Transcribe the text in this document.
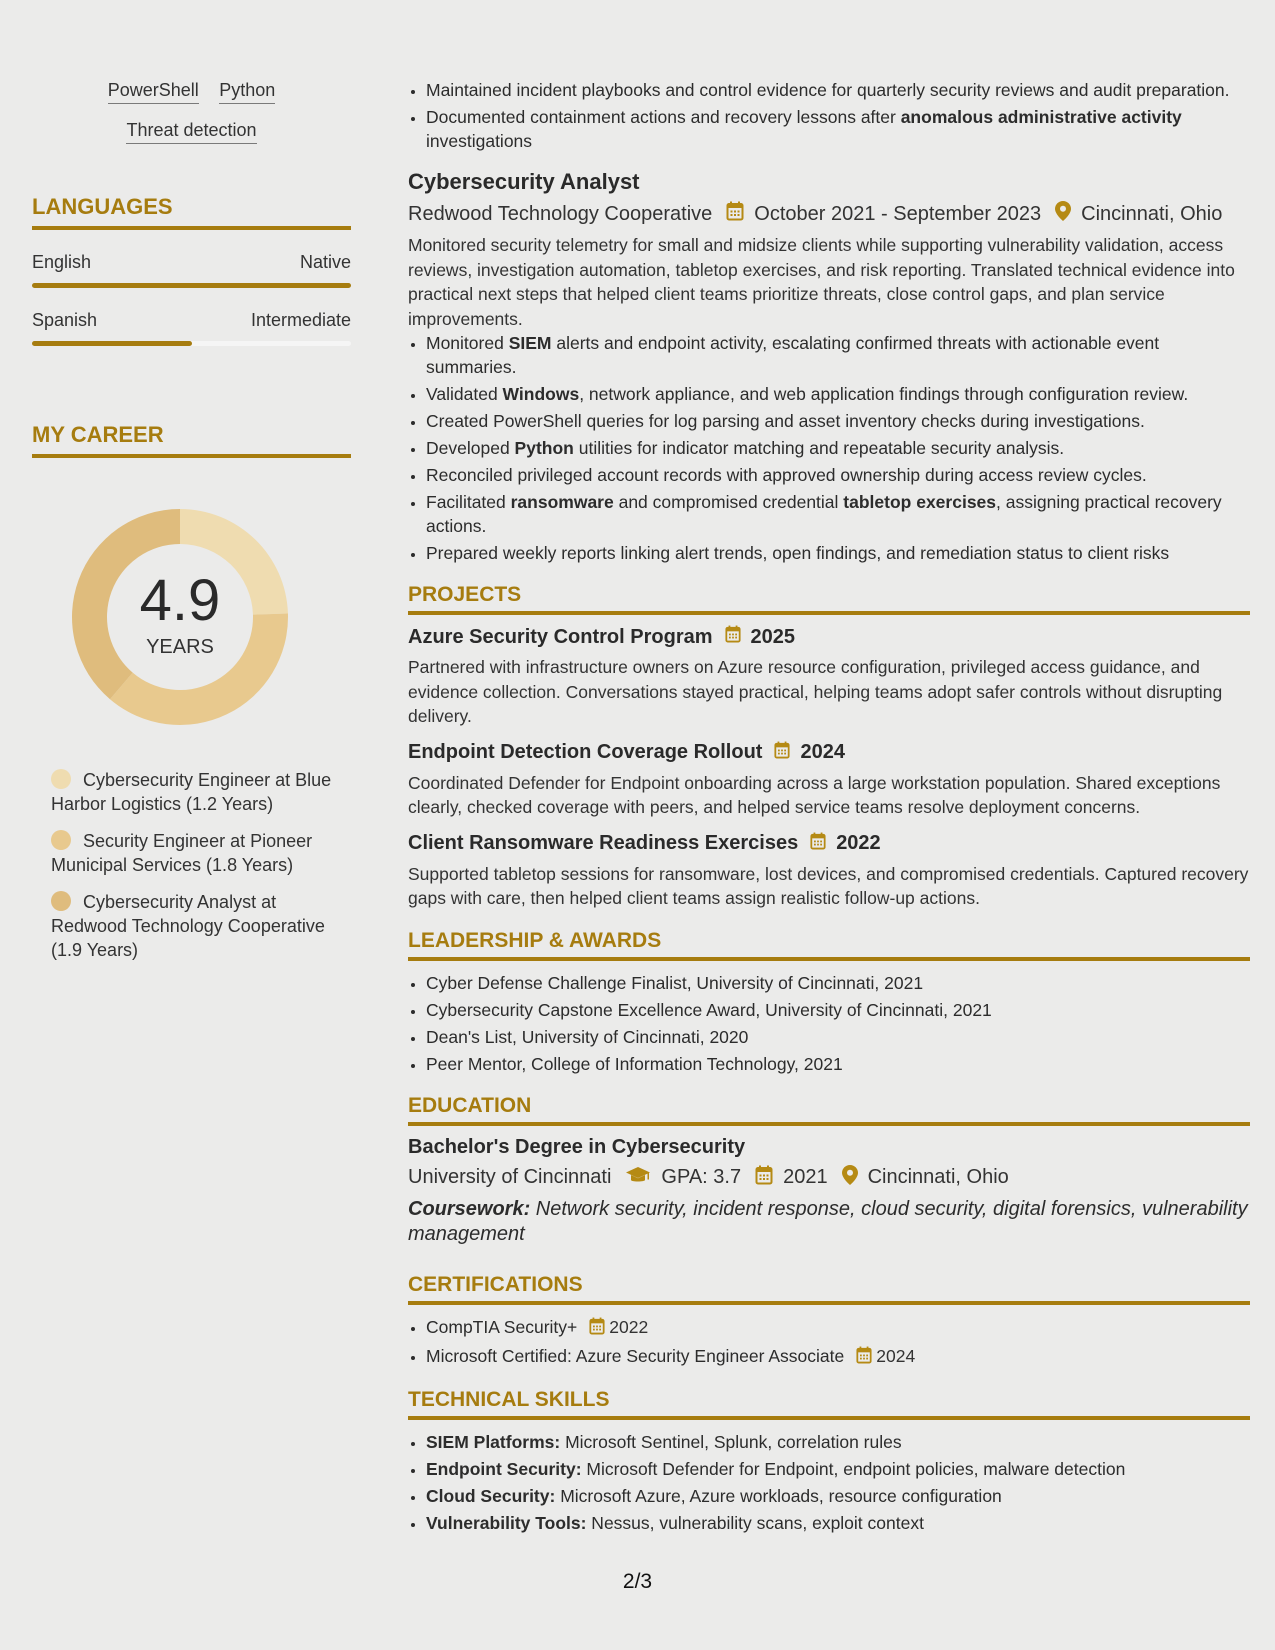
PowerShell Python
Threat detection
LANGUAGES
English	Native
Spanish	Intermediate
MY CAREER
4.9
YEARS
Cybersecurity Engineer at Blue Harbor Logistics (1.2 Years)
Security Engineer at Pioneer Municipal Services (1.8 Years)
Cybersecurity Analyst at Redwood Technology Cooperative (1.9 Years)
• Maintained incident playbooks and control evidence for quarterly security reviews and audit preparation.
• Documented containment actions and recovery lessons after anomalous administrative activity investigations
Cybersecurity Analyst
Redwood Technology Cooperative October 2021 - September 2023 Cincinnati, Ohio
Monitored security telemetry for small and midsize clients while supporting vulnerability validation, access reviews, investigation automation, tabletop exercises, and risk reporting. Translated technical evidence into practical next steps that helped client teams prioritize threats, close control gaps, and plan service improvements.
• Monitored SIEM alerts and endpoint activity, escalating confirmed threats with actionable event summaries.
• Validated Windows, network appliance, and web application findings through configuration review.
• Created PowerShell queries for log parsing and asset inventory checks during investigations.
• Developed Python utilities for indicator matching and repeatable security analysis.
• Reconciled privileged account records with approved ownership during access review cycles.
• Facilitated ransomware and compromised credential tabletop exercises, assigning practical recovery actions.
• Prepared weekly reports linking alert trends, open findings, and remediation status to client risks
PROJECTS
Azure Security Control Program 2025
Partnered with infrastructure owners on Azure resource configuration, privileged access guidance, and evidence collection. Conversations stayed practical, helping teams adopt safer controls without disrupting delivery.
Endpoint Detection Coverage Rollout 2024
Coordinated Defender for Endpoint onboarding across a large workstation population. Shared exceptions clearly, checked coverage with peers, and helped service teams resolve deployment concerns.
Client Ransomware Readiness Exercises 2022
Supported tabletop sessions for ransomware, lost devices, and compromised credentials. Captured recovery gaps with care, then helped client teams assign realistic follow-up actions.
LEADERSHIP & AWARDS
• Cyber Defense Challenge Finalist, University of Cincinnati, 2021
• Cybersecurity Capstone Excellence Award, University of Cincinnati, 2021
• Dean's List, University of Cincinnati, 2020
• Peer Mentor, College of Information Technology, 2021
EDUCATION
Bachelor's Degree in Cybersecurity
University of Cincinnati	GPA: 3.7 2021 Cincinnati, Ohio
Coursework: Network security, incident response, cloud security, digital forensics, vulnerability management
CERTIFICATIONS
• CompTIA Security+ 2022
• Microsoft Certified: Azure Security Engineer Associate 2024
TECHNICAL SKILLS
• SIEM Platforms: Microsoft Sentinel, Splunk, correlation rules
• Endpoint Security: Microsoft Defender for Endpoint, endpoint policies, malware detection
• Cloud Security: Microsoft Azure, Azure workloads, resource configuration
• Vulnerability Tools: Nessus, vulnerability scans, exploit context
2/3
